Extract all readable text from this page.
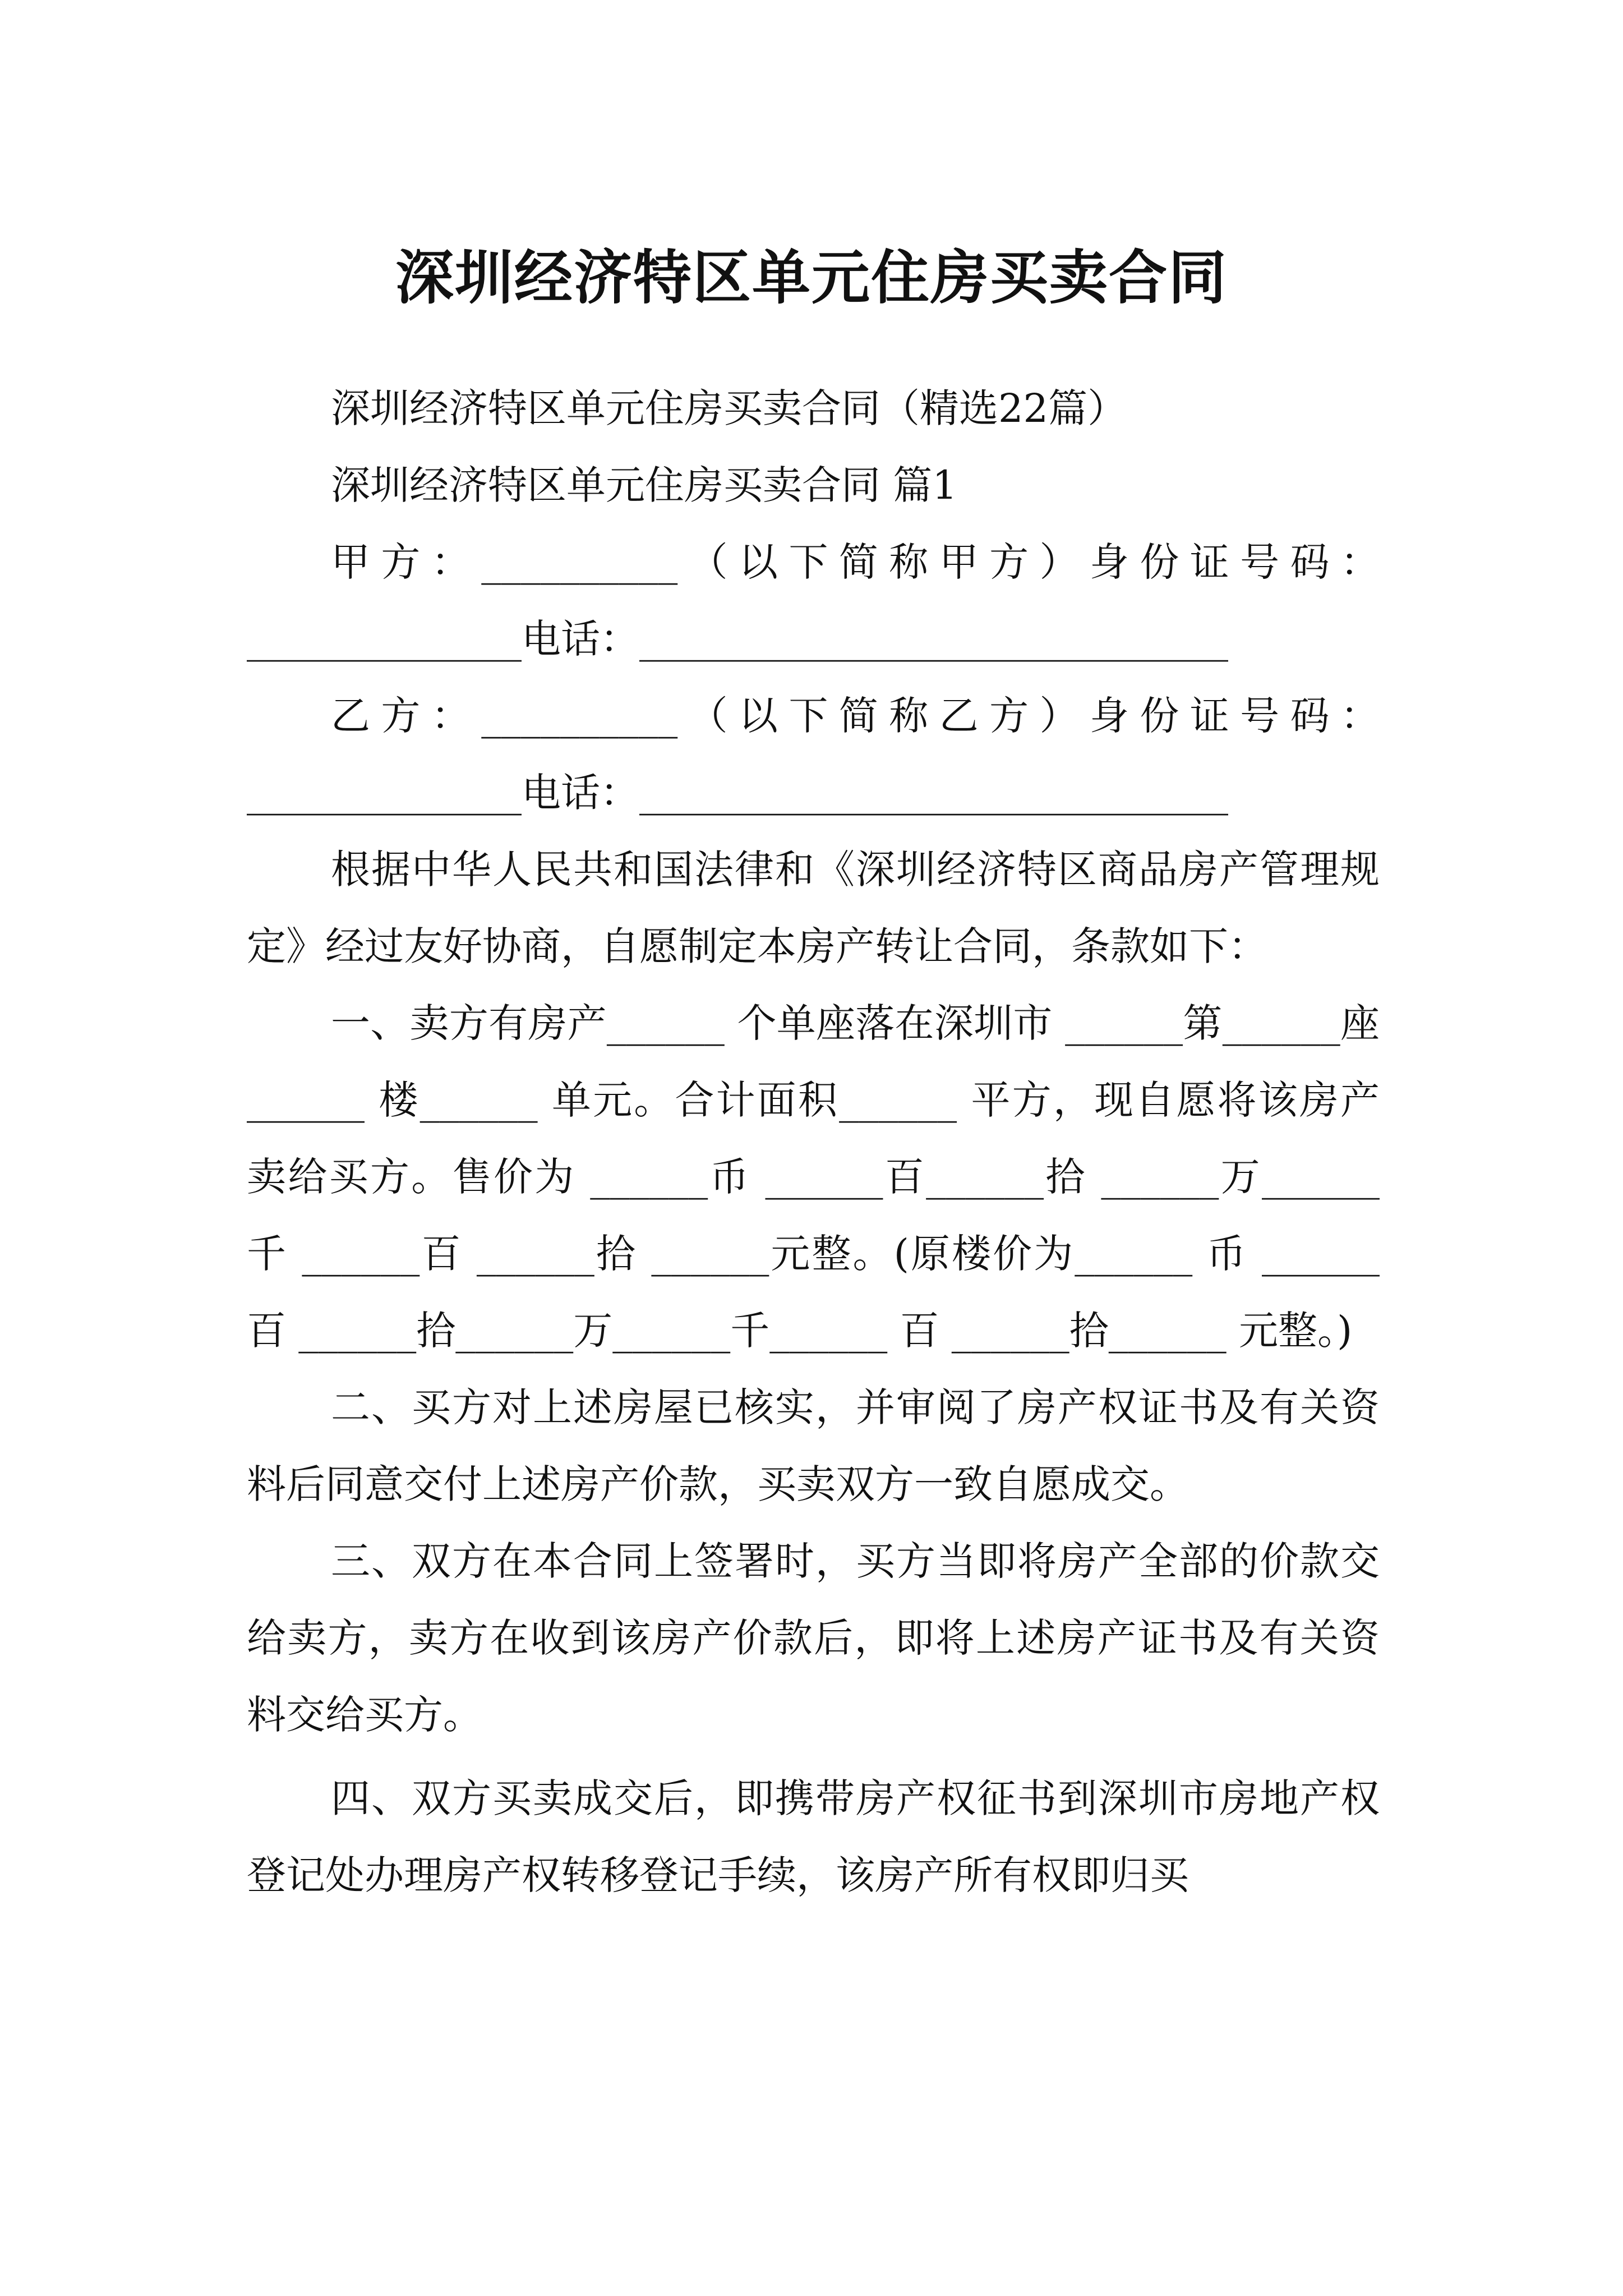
深圳经济特区单元住房买卖合同

深圳经济特区单元住房买卖合同（精选22篇）

深圳经济特区单元住房买卖合同 篇1

甲方：__________（以下简称甲方）身份证号码：______________电话：______________________________

乙方：__________（以下简称乙方）身份证号码：______________电话：______________________________

根据中华人民共和国法律和《深圳经济特区商品房产管理规定》经过友好协商，自愿制定本房产转让合同，条款如下：

一、卖方有房产______ 个单座落在深圳市 ______第______座______ 楼______ 单元。合计面积______ 平方，现自愿将该房产卖给买方。售价为 ______币 ______百______拾 ______万______ 千 ______百 ______拾 ______元整。(原楼价为______ 币 ______百 ______拾______万______千______ 百 ______拾______ 元整。)

二、买方对上述房屋已核实，并审阅了房产权证书及有关资料后同意交付上述房产价款，买卖双方一致自愿成交。

三、双方在本合同上签署时，买方当即将房产全部的价款交给卖方，卖方在收到该房产价款后，即将上述房产证书及有关资料交给买方。

四、双方买卖成交后，即携带房产权征书到深圳市房地产权登记处办理房产权转移登记手续，该房产所有权即归买
